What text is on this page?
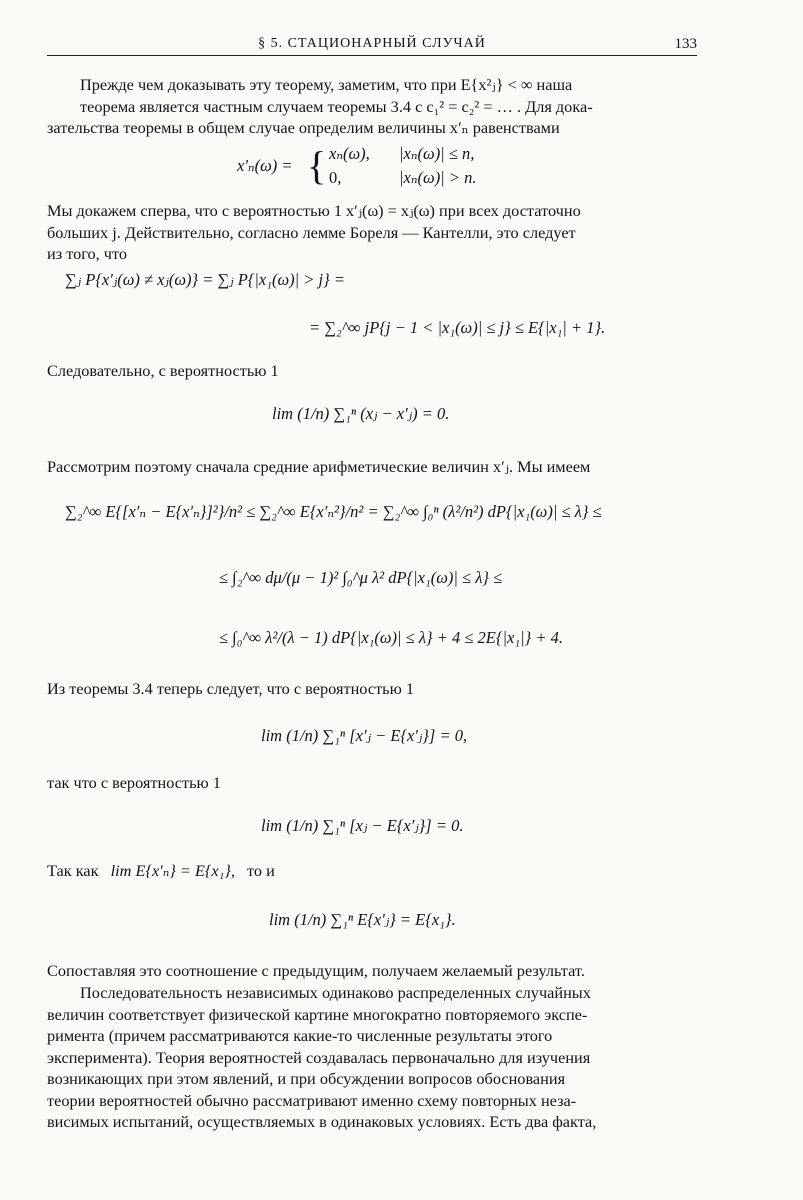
§ 5. СТАЦИОНАРНЫЙ СЛУЧАЙ	133
Прежде чем доказывать эту теорему, заметим, что при E{x²ⱼ} < ∞ наша
теорема является частным случаем теоремы 3.4 с c₁² = c₂² = … . Для дока-
зательства теоремы в общем случае определим величины x′ₙ равенствами
x′ₙ(ω) = { xₙ(ω), |xₙ(ω)| ≤ n,
0,	|xₙ(ω)| > n.
Мы докажем сперва, что с вероятностью 1 x′ⱼ(ω) = xⱼ(ω) при всех достаточно
больших j. Действительно, согласно лемме Бореля — Кантелли, это следует
из того, что
∑ⱼ P{x′ⱼ(ω) ≠ xⱼ(ω)} = ∑ⱼ P{|x₁(ω)| > j} =
= ∑₂^∞ jP{j − 1 < |x₁(ω)| ≤ j} ≤ E{|x₁| + 1}.
Следовательно, с вероятностью 1
lim (1/n) ∑₁ⁿ (xⱼ − x′ⱼ) = 0.
Рассмотрим поэтому сначала средние арифметические величин x′ⱼ. Мы имеем
∑₂^∞ E{[x′ₙ − E{x′ₙ}]²}/n² ≤ ∑₂^∞ E{x′ₙ²}/n² = ∑₂^∞ ∫₀ⁿ (λ²/n²) dP{|x₁(ω)| ≤ λ} ≤
≤ ∫₂^∞ dμ/(μ − 1)² ∫₀^μ λ² dP{|x₁(ω)| ≤ λ} ≤
≤ ∫₀^∞ λ²/(λ − 1) dP{|x₁(ω)| ≤ λ} + 4 ≤ 2E{|x₁|} + 4.
Из теоремы 3.4 теперь следует, что с вероятностью 1
lim (1/n) ∑₁ⁿ [x′ⱼ − E{x′ⱼ}] = 0,
так что с вероятностью 1
lim (1/n) ∑₁ⁿ [xⱼ − E{x′ⱼ}] = 0.
Так как lim E{x′ₙ} = E{x₁}, то и
lim (1/n) ∑₁ⁿ E{x′ⱼ} = E{x₁}.
Сопоставляя это соотношение с предыдущим, получаем желаемый результат.
Последовательность независимых одинаково распределенных случайных
величин соответствует физической картине многократно повторяемого экспе-
римента (причем рассматриваются какие-то численные результаты этого
эксперимента). Теория вероятностей создавалась первоначально для изучения
возникающих при этом явлений, и при обсуждении вопросов обоснования
теории вероятностей обычно рассматривают именно схему повторных неза-
висимых испытаний, осуществляемых в одинаковых условиях. Есть два факта,
